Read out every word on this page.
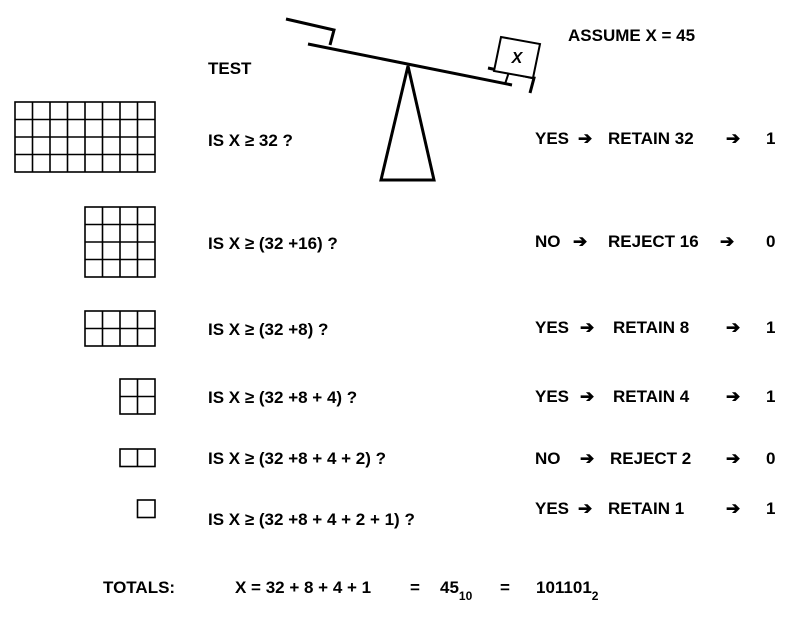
X
TEST
ASSUME X = 45
IS X ≥ 32 ?	YES ➔ RETAIN 32 ➔ 1
IS X ≥ (32 +16) ?	NO ➔ REJECT 16 ➔ 0
IS X ≥ (32 +8) ?	YES ➔ RETAIN 8 ➔ 1
IS X ≥ (32 +8 + 4) ?	YES ➔ RETAIN 4 ➔ 1
IS X ≥ (32 +8 + 4 + 2) ?	NO ➔ REJECT 2 ➔ 0
IS X ≥ (32 +8 + 4 + 2 + 1) ?
YES ➔ RETAIN 1 ➔ 1
TOTALS:	$X = 32 + 8 + 4 + 1 = 45_{10} = 101101_2$
